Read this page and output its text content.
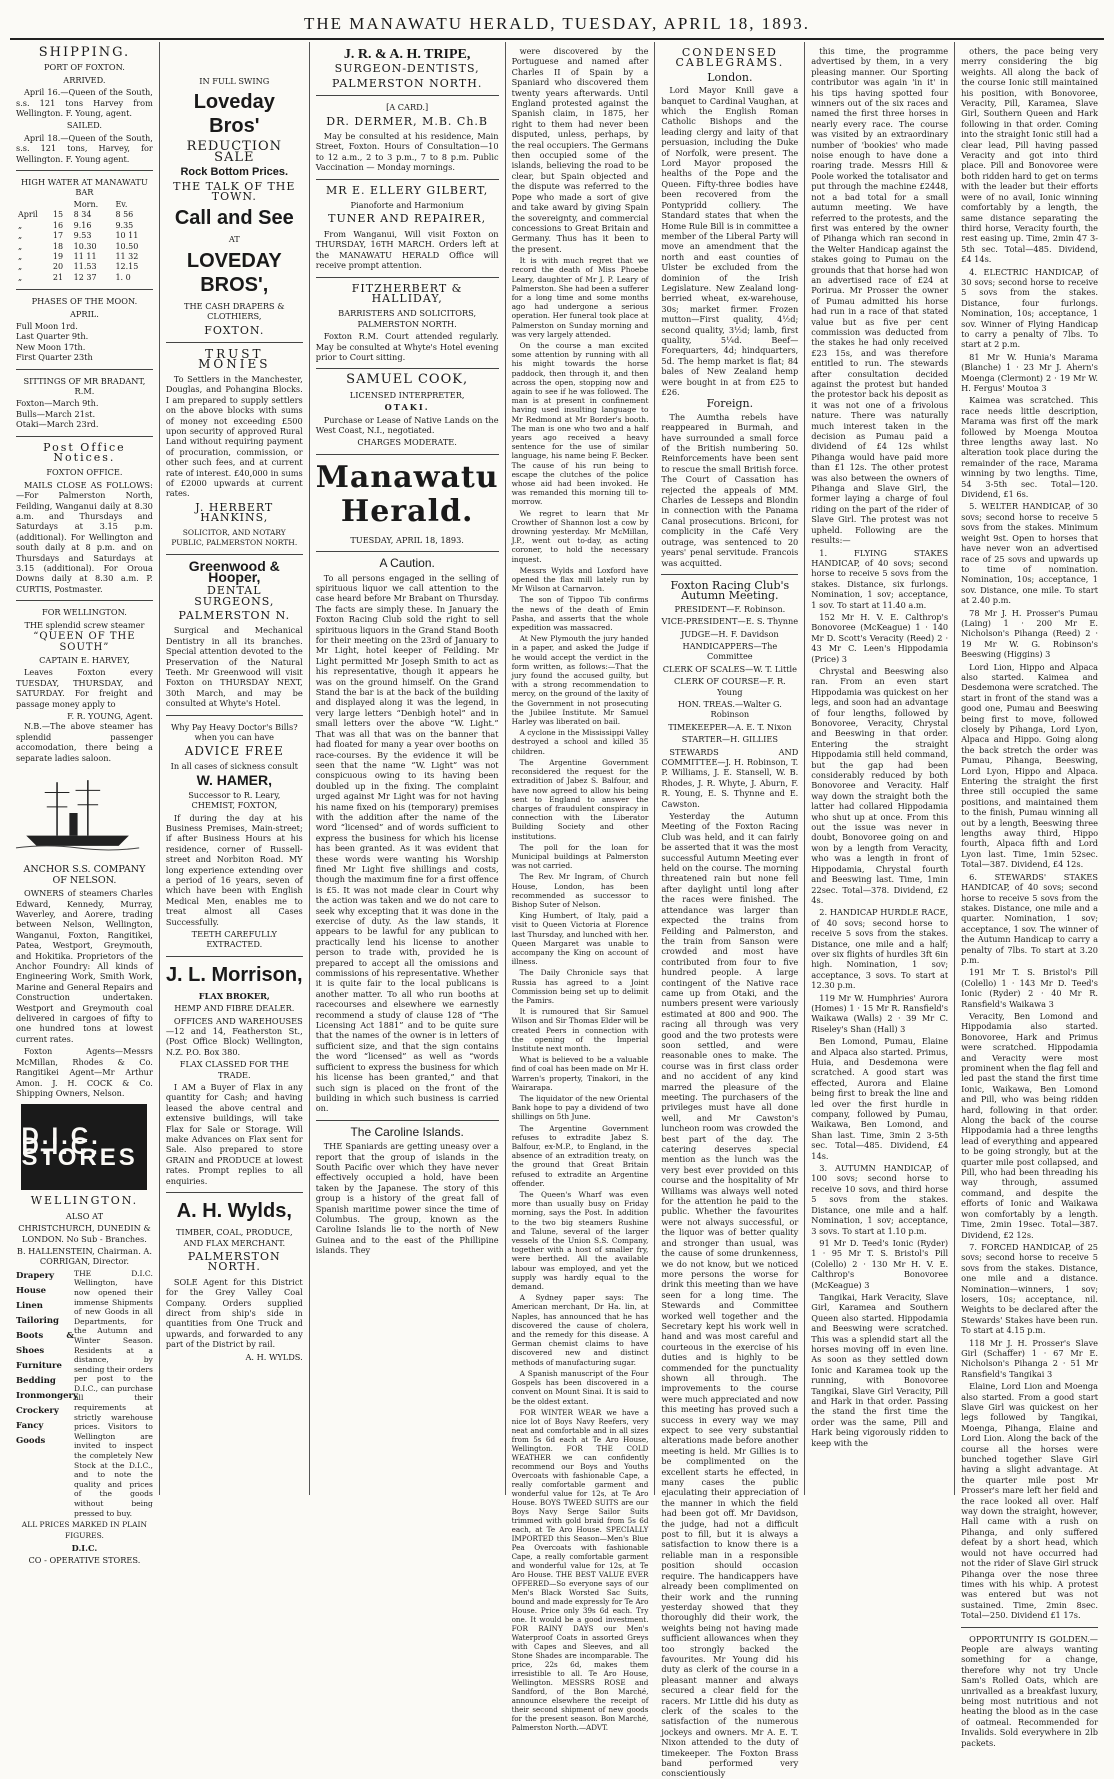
THE MANAWATU HERALD, TUESDAY, APRIL 18, 1893.
SHIPPING.
PORT OF FOXTON.
ARRIVED.

April 16.—Queen of the South, s.s. 121 tons Harvey from Wellington. F. Young, agent.

SAILED.

April 18.—Queen of the South, s.s. 121 tons, Harvey, for Wellington. F. Young agent.

HIGH WATER AT MANAWATU BAR
		Morn.	Ev.
April	15	8 34	8 56
„	16	9.16	9.35
„	17	9.53	10 11
„	18	10.30	10.50
„	19	11 11	11 32
„	20	11.53	12.15
„	21	12 37	1. 0
PHASES OF THE MOON.
APRIL.
Full Moon 1rd.
Last Quarter 9th.
New Moon 17th.
First Quarter 23th
SITTINGS OF MR BRADANT, R.M.
Foxton—March 9th.
Bulls—March 21st.
Otaki—March 23rd.
Post Office Notices.
FOXTON OFFICE.

MAILS CLOSE AS FOLLOWS:—For Palmerston North, Feilding, Wanganui daily at 8.30 a.m. and Thursdays and Saturdays at 3.15 p.m. (additional). For Wellington and south daily at 8 p.m. and on Thursdays and Saturdays at 3.15 (additional). For Oroua Downs daily at 8.30 a.m. P. CURTIS, Postmaster.

FOR WELLINGTON.
THE splendid screw steamer
“QUEEN OF THE SOUTH”
CAPTAIN E. HARVEY,

Leaves Foxton every TUESDAY, THURSDAY, and SATURDAY. For freight and passage money apply to

F. R. YOUNG, Agent.

N.B.—The above steamer has splendid passenger accomodation, there being a separate ladies saloon.

ANCHOR S.S. COMPANY OF NELSON.

OWNERS of steamers Charles Edward, Kennedy, Murray, Waverley, and Aorere, trading between Nelson, Wellington, Wanganui, Foxton, Rangitikei, Patea, Westport, Greymouth, and Hokitika. Proprietors of the Anchor Foundry: All kinds of Engineering Work, Smith Work, Marine and General Repairs and Construction undertaken. Westport and Greymouth coal delivered in cargoes of fifty to one hundred tons at lowest current rates.

Foxton Agents—Messrs McMillan, Rhodes & Co. Rangitikei Agent—Mr Arthur Amon. J. H. COCK & Co. Shipping Owners, Nelson.

D.I.C. D.I.C. STORES
WELLINGTON.
ALSO AT
CHRISTCHURCH, DUNEDIN & LONDON. No Sub - Branches.
B. HALLENSTEIN, Chairman. A. CORRIGAN, Director.
Drapery
House Linen
Tailoring
Boots & Shoes
Furniture
Bedding
Ironmongery
Crockery
Fancy Goods
THE D.I.C. Wellington, have now opened their immense Shipments of new Goods in all Departments, for the Autumn and Winter Season. Residents at a distance, by sending their orders per post to the D.I.C., can purchase all their requirements at strictly warehouse prices. Visitors to Wellington are invited to inspect the completely New Stock at the D.I.C., and to note the quality and prices of the goods without being pressed to buy.
ALL PRICES MARKED IN PLAIN FIGURES.
D.I.C.
CO - OPERATIVE STORES.
IN FULL SWING
Loveday Bros'
REDUCTION SALE
Rock Bottom Prices.
THE TALK OF THE TOWN.
Call and See
AT
LOVEDAY BROS',
THE CASH DRAPERS & CLOTHIERS,
FOXTON.
TRUST MONIES

To Settlers in the Manchester, Douglas, and Pohangina Blocks. I am prepared to supply settlers on the above blocks with sums of money not exceeding £500 upon security of approved Rural Land without requiring payment of procuration, commission, or other such fees, and at current rate of interest. £40,000 in sums of £2000 upwards at current rates.

J. HERBERT HANKINS,
SOLICITOR, AND NOTARY PUBLIC, PALMERSTON NORTH.
Greenwood & Hooper,
DENTAL SURGEONS,
PALMERSTON N.

Surgical and Mechanical Dentistry in all its branches. Special attention devoted to the Preservation of the Natural Teeth. Mr Greenwood will visit Foxton on THURSDAY NEXT, 30th March, and may be consulted at Whyte's Hotel.

Why Pay Heavy Doctor's Bills? when you can have
ADVICE FREE
In all cases of sickness consult
W. HAMER,
Successor to R. Leary, CHEMIST, FOXTON,

If during the day at his Business Premises, Main-street; if after Business Hours at his residence, corner of Russell-street and Norbiton Road. MY long experience extending over a period of 16 years, seven of which have been with English Medical Men, enables me to treat almost all Cases Successfully.

TEETH CAREFULLY EXTRACTED.
J. L. Morrison,
FLAX BROKER,
HEMP AND FIBRE DEALER.

OFFICES AND WAREHOUSES—12 and 14, Featherston St., (Post Office Block) Wellington, N.Z. P.O. Box 380.

FLAX CLASSED FOR THE TRADE.

I AM a Buyer of Flax in any quantity for Cash; and having leased the above central and extensive buildings, will take Flax for Sale or Storage. Will make Advances on Flax sent for Sale. Also prepared to store GRAIN and PRODUCE at lowest rates. Prompt replies to all enquiries.

A. H. Wylds,
TIMBER, COAL, PRODUCE, AND FLAX MERCHANT.
PALMERSTON NORTH.

SOLE Agent for this District for the Grey Valley Coal Company. Orders supplied direct from ship's side in quantities from One Truck and upwards, and forwarded to any part of the District by rail.

A. H. WYLDS.
J. R. & A. H. TRIPE,
SURGEON-DENTISTS,
PALMERSTON NORTH.
[A CARD.]
DR. DERMER, M.B. Ch.B

May be consulted at his residence, Main Street, Foxton. Hours of Consultation—10 to 12 a.m., 2 to 3 p.m., 7 to 8 p.m. Public Vaccination — Monday mornings.

MR E. ELLERY GILBERT,
Pianoforte and Harmonium
TUNER AND REPAIRER,

From Wanganui, Will visit Foxton on THURSDAY, 16TH MARCH. Orders left at the MANAWATU HERALD Office will receive prompt attention.

FITZHERBERT & HALLIDAY,
BARRISTERS AND SOLICITORS, PALMERSTON NORTH.

Foxton R.M. Court attended regularly. May be consulted at Whyte's Hotel evening prior to Court sitting.

SAMUEL COOK,
LICENSED INTERPRETER,
OTAKI.

Purchase or Lease of Native Lands on the West Coast, N.I., negotiated.

CHARGES MODERATE.
Manawatu Herald.
TUESDAY, APRIL 18, 1893.
A Caution.

To all persons engaged in the selling of spirituous liquor we call attention to the case heard before Mr Brabant on Thursday. The facts are simply these. In January the Foxton Racing Club sold the right to sell spirituous liquors in the Grand Stand Booth for their meeting on the 23rd of January to Mr Light, hotel keeper of Feilding. Mr Light permitted Mr Joseph Smith to act as his representative, though it appears he was on the ground himself. On the Grand Stand the bar is at the back of the building and displayed along it was the legend, in very large letters “Denbigh hotel” and in small letters over the above “W. Light.” That was all that was on the banner that had floated for many a year over booths on race-courses. By the evidence it will be seen that the name “W. Light” was not conspicuous owing to its having been doubled up in the fixing. The complaint urged against Mr Light was for not having his name fixed on his (temporary) premises with the addition after the name of the word “licensed” and of words sufficient to express the business for which his license has been granted. As it was evident that these words were wanting his Worship fined Mr Light five shillings and costs, though the maximum fine for a first offence is £5. It was not made clear in Court why the action was taken and we do not care to seek why excepting that it was done in the exercise of duty. As the law stands, it appears to be lawful for any publican to practically lend his license to another person to trade with, provided he is prepared to accept all the omissions and commissions of his representative. Whether it is quite fair to the local publicans is another matter. To all who run booths at racecourses and elsewhere we earnestly recommend a study of clause 128 of “The Licensing Act 1881” and to be quite sure that the names of the owner is in letters of sufficient size, and that the sign contains the word “licensed” as well as “words sufficient to express the business for which his license has been granted,” and that such sign is placed on the front of the building in which such business is carried on.

The Caroline Islands.

THE Spaniards are getting uneasy over a report that the group of islands in the South Pacific over which they have never effectively occupied a hold, have been taken by the Japanese. The story of this group is a history of the great fall of Spanish maritime power since the time of Columbus. The group, known as the Caroline Islands lie to the north of New Guinea and to the east of the Phillipine islands. They

were discovered by the Portuguese and named after Charles II of Spain by a Spaniard who discovered them twenty years afterwards. Until England protested against the Spanish claim, in 1875, her right to them had never been disputed, unless, perhaps, by the real occupiers. The Germans then occupied some of the islands, believing the road to be clear, but Spain objected and the dispute was referred to the Pope who made a sort of give and take award by giving Spain the sovereignty, and commercial concessions to Great Britain and Germany. Thus has it been to the present.

It is with much regret that we record the death of Miss Phoebe Leary, daughter of Mr J. P. Leary of Palmerston. She had been a sufferer for a long time and some months ago had undergone a serious operation. Her funeral took place at Palmerston on Sunday morning and was very largely attended.

On the course a man excited some attention by running with all his might towards the horse paddock, then through it, and then across the open, stopping now and again to see if he was followed. The man is at present in confinement having used insulting language to Mr Redmond at Mr Border's booth. The man is one who two and a half years ago received a heavy sentence for the use of similar language, his name being F. Becker. The cause of his run being to escape the clutches of the police whose aid had been invoked. He was remanded this morning till to-morrow.

We regret to learn that Mr Crowther of Shannon lost a cow by drowning yesterday. Mr McMillan, J.P., went out to-day, as acting coroner, to hold the necessary inquest.

Messrs Wylds and Loxford have opened the flax mill lately run by Mr Wilson at Carnarvon.

The son of Tippoo Tib confirms the news of the death of Emin Pasha, and asserts that the whole expedition was massacred.

At New Plymouth the jury handed in a paper, and asked the Judge if he would accept the verdict in the form written, as follows:—That the jury found the accused guilty, but with a strong recommendation to mercy, on the ground of the laxity of the Government in not prosecuting the Jubilee Institute. Mr Samuel Harley was liberated on bail.

A cyclone in the Mississippi Valley destroyed a school and killed 35 children.

The Argentine Government reconsidered the request for the extradition of Jabez S. Balfour, and have now agreed to allow his being sent to England to answer the charges of fraudulent conspiracy in connection with the Liberator Building Society and other institutions.

The poll for the loan for Municipal buildings at Palmerston was not carried.

The Rev. Mr Ingram, of Church House, London, has been recommended as successor to Bishop Suter of Nelson.

King Humbert, of Italy, paid a visit to Queen Victoria at Florence last Thursday, and lunched with her. Queen Margaret was unable to accompany the King on account of illness.

The Daily Chronicle says that Russia has agreed to a Joint Commission being set up to delimit the Pamirs.

It is rumoured that Sir Samuel Wilson and Sir Thomas Elder will be created Peers in connection with the opening of the Imperial Institute next month.

What is believed to be a valuable find of coal has been made on Mr H. Warren's property, Tinakori, in the Wairarapa.

The liquidator of the new Oriental Bank hope to pay a dividend of two shillings on 5th June.

The Argentine Government refuses to extradite Jabez S. Balfour, ex-M.P., to England, in the absence of an extradition treaty, on the ground that Great Britain refused to extradite an Argentine offender.

The Queen's Wharf was even more than usually busy on Friday morning, says the Post. In addition to the two big steamers Rushine and Talune, several of the larger vessels of the Union S.S. Company, together with a host of smaller fry, were berthed. All the available labour was employed, and yet the supply was hardly equal to the demand.

A Sydney paper says: The American merchant, Dr Ha. lin, at Naples, has announced that he has discovered the cause of cholera, and the remedy for this disease. A German chemist claims to have discovered new and distinct methods of manufacturing sugar.

A Spanish manuscript of the Four Gospels has been discovered in a convent on Mount Sinai. It is said to be the oldest extant.

FOR WINTER WEAR we have a nice lot of Boys Navy Reefers, very neat and comfortable and in all sizes from 5s 6d each at Te Aro House, Wellington. FOR THE COLD WEATHER we can confidently recommend our Boys and Youths Overcoats with fashionable Cape, a really comfortable garment and wonderful value for 12s, at Te Aro House. BOYS TWEED SUITS are our Boys Navy Serge Sailor Suits trimmed with gold braid from 5s 6d each, at Te Aro House. SPECIALLY IMPORTED this Season—Men's Blue Pea Overcoats with fashionable Cape, a really comfortable garment and wonderful value for 12s, at Te Aro House. THE BEST VALUE EVER OFFERED—So everyone says of our Men's Black Worsted Sac Suits, bound and made expressly for Te Aro House. Price only 39s 6d each. Try one. It would be a good investment. FOR RAINY DAYS our Men's Waterproof Coats in assorted Greys with Capes and Sleeves, and all Stone Shades are incomparable. The price, 22s 6d, makes them irresistible to all. Te Aro House, Wellington. MESSRS ROSE and Sandford, of the Bon Marché, announce elsewhere the receipt of their second shipment of new goods for the present season. Bon Marché, Palmerston North.—ADVT.

CONDENSED CABLEGRAMS.
London.

Lord Mayor Knill gave a banquet to Cardinal Vaughan, at which the English Roman Catholic Bishops and the leading clergy and laity of that persuasion, including the Duke of Norfolk, were present. The Lord Mayor proposed the healths of the Pope and the Queen. Fifty-three bodies have been recovered from the Pontypridd colliery. The Standard states that when the Home Rule Bill is in committee a member of the Liberal Party will move an amendment that the north and east counties of Ulster be excluded from the dominion of the Irish Legislature. New Zealand long-berried wheat, ex-warehouse, 30s; market firmer. Frozen mutton—First quality, 4½d; second quality, 3½d; lamb, first quality, 5¼d. Beef—Forequarters, 4d; hindquarters, 5d. The hemp market is flat; 84 bales of New Zealand hemp were bought in at from £25 to £26.

Foreign.

The Aumtha rebels have reappeared in Burmah, and have surrounded a small force of the British numbering 50. Reinforcements have been sent to rescue the small British force. The Court of Cassation has rejected the appeals of MM. Charles de Lesseps and Blondin in connection with the Panama Canal prosecutions. Briconi, for complicity in the Café Very outrage, was sentenced to 20 years' penal servitude. Francois was acquitted.

Foxton Racing Club's Autumn Meeting.
PRESIDENT—F. Robinson.
VICE-PRESIDENT—E. S. Thynne
JUDGE—H. F. Davidson
HANDICAPPERS—The Committee
CLERK OF SCALES—W. T. Little
CLERK OF COURSE—F. R. Young
HON. TREAS.—Walter G. Robinson
TIMEKEEPER—A. E. T. Nixon
STARTER—H. GILLIES

STEWARDS AND COMMITTEE—J. H. Robinson, T. P. Williams, J. E. Stansell, W. B. Rhodes, J. R. Whyte, J. Aburn, F. R. Young, E. S. Thynne and E. Cawston.

Yesterday the Autumn Meeting of the Foxton Racing Club was held, and it can fairly be asserted that it was the most successful Autumn Meeting ever held on the course. The morning threatened rain but none fell after daylight until long after the races were finished. The attendance was larger than expected the trains from Feilding and Palmerston, and the train from Sanson were crowded and most have contributed from four to five hundred people. A large contingent of the Native race came up from Otaki, and the numbers present were variously estimated at 800 and 900. The racing all through was very good and the two protests were soon settled, and were reasonable ones to make. The course was in first class order and no accident of any kind marred the pleasure of the meeting. The purchasers of the privileges must have all done well, and Mr Cawston's luncheon room was crowded the best part of the day. The catering deserves special mention as the lunch was the very best ever provided on this course and the hospitality of Mr Williams was always well noted for the attention he paid to the public. Whether the favourites were not always successful, or the liquor was of better quality and stronger than usual, was the cause of some drunkenness, we do not know, but we noticed more persons the worse for drink this meeting than we have seen for a long time. The Stewards and Committee worked well together and the Secretary kept his work well in hand and was most careful and courteous in the exercise of his duties and is highly to be commended for the punctuality shown all through. The improvements to the course were much appreciated and now this meeting has proved such a success in every way we may expect to see very substantial alterations made before another meeting is held. Mr Gillies is to be complimented on the excellent starts he effected, in many cases the public ejaculating their appreciation of the manner in which the field had been got off. Mr Davidson, the judge, had not a difficult post to fill, but it is always a satisfaction to know there is a reliable man in a responsible position should occasion require. The handicappers have already been complimented on their work and the running yesterday showed that they thoroughly did their work, the weights being not having made sufficient allowances when they too strongly backed the favourites. Mr Young did his duty as clerk of the course in a pleasant manner and always secured a clear field for the racers. Mr Little did his duty as clerk of the scales to the satisfaction of the numerous jockeys and owners. Mr A. E. T. Nixon attended to the duty of timekeeper. The Foxton Brass band performed very conscientiously

this time, the programme advertised by them, in a very pleasing manner. Our Sporting contributor was again 'in it' in his tips having spotted four winners out of the six races and named the first three horses in nearly every race. The course was visited by an extraordinary number of 'bookies' who made noise enough to have done a roaring trade. Messrs Hill & Poole worked the totalisator and put through the machine £2448, not a bad total for a small autumn meeting. We have referred to the protests, and the first was entered by the owner of Pihanga which ran second in the Welter Handicap against the stakes going to Pumau on the grounds that that horse had won an advertised race of £24 at Porirua. Mr Prosser the owner of Pumau admitted his horse had run in a race of that stated value but as five per cent commission was deducted from the stakes he had only received £23 15s, and was therefore entitled to run. The stewards after consultation decided against the protest but handed the protestor back his deposit as it was not one of a frivolous nature. There was naturally much interest taken in the decision as Pumau paid a dividend of £4 12s whilst Pihanga would have paid more than £1 12s. The other protest was also between the owners of Pihanga and Slave Girl, the former laying a charge of foul riding on the part of the rider of Slave Girl. The protest was not upheld. Following are the results:—

1. FLYING STAKES HANDICAP, of 40 sovs; second horse to receive 5 sovs from the stakes. Distance, six furlongs. Nomination, 1 sov; acceptance, 1 sov. To start at 11.40 a.m.

152 Mr H. V. E. Calthrop's Bonovoree (McKeague) 1 · 140 Mr D. Scott's Veracity (Reed) 2 · 43 Mr C. Leen's Hippodamia (Price) 3

Chrystal and Beeswing also ran. From an even start Hippodamia was quickest on her legs, and soon had an advantage of four lengths, followed by Bonovoree, Veracity, Chrystal and Beeswing in that order. Entering the straight Hippodamia still held command, but the gap had been considerably reduced by both Bonovoree and Veracity. Half way down the straight both the latter had collared Hippodamia who shut up at once. From this out the issue was never in doubt, Bonovoree going on and won by a length from Veracity, who was a length in front of Hippodamia, Chrystal fourth and Beeswing last. Time, 1min 22sec. Total—378. Dividend, £2 4s.

2. HANDICAP HURDLE RACE, of 40 sovs; second horse to receive 5 sovs from the stakes. Distance, one mile and a half; over six flights of hurdles 3ft 6in high. Nomination, 1 sov; acceptance, 3 sovs. To start at 12.30 p.m.

119 Mr W. Humphries' Aurora (Homes) 1 · 15 Mr R. Ransfield's Waikawa (Walls) 2 · 39 Mr C. Riseley's Shan (Hall) 3

Ben Lomond, Pumau, Elaine and Alpaca also started. Primus, Huia, and Desdemona were scratched. A good start was effected, Aurora and Elaine being first to break the line and led over the first hurdle in company, followed by Pumau, Waikawa, Ben Lomond, and Shan last. Time, 3min 2 3-5th sec. Total—485. Dividend, £4 14s.

3. AUTUMN HANDICAP, of 100 sovs; second horse to receive 10 sovs, and third horse 5 sovs from the stakes. Distance, one mile and a half. Nomination, 1 sov; acceptance, 3 sovs. To start at 1.10 p.m.

91 Mr D. Teed's Ionic (Ryder) 1 · 95 Mr T. S. Bristol's Pill (Colello) 2 · 130 Mr H. V. E. Calthrop's Bonovoree (McKeague) 3

Tangikai, Hark Veracity, Slave Girl, Karamea and Southern Queen also started. Hippodamia and Beeswing were scratched. This was a splendid start all the horses moving off in even line. As soon as they settled down Ionic and Karamea took up the running, with Bonovoree Tangikai, Slave Girl Veracity, Pill and Hark in that order. Passing the stand the first time the order was the same, Pill and Hark being vigorously ridden to keep with the

others, the pace being very merry considering the big weights. All along the back of the course Ionic still maintained his position, with Bonovoree, Veracity, Pill, Karamea, Slave Girl, Southern Queen and Hark following in that order. Coming into the straight Ionic still had a clear lead, Pill having passed Veracity and got into third place. Pill and Bonovoree were both ridden hard to get on terms with the leader but their efforts were of no avail, Ionic winning comfortably by a length, the same distance separating the third horse, Veracity fourth, the rest easing up. Time, 2min 47 3-5th sec. Total—485. Dividend, £4 14s.

4. ELECTRIC HANDICAP, of 30 sovs; second horse to receive 5 sovs from the stakes. Distance, four furlongs. Nomination, 10s; acceptance, 1 sov. Winner of Flying Handicap to carry a penalty of 7lbs. To start at 2 p.m.

81 Mr W. Hunia's Marama (Blanche) 1 · 23 Mr J. Ahern's Moenga (Clermont) 2 · 19 Mr W. H. Fergus' Moutoa 3

Kaimea was scratched. This race needs little description, Marama was first off the mark followed by Moenga Moutoa three lengths away last. No alteration took place during the remainder of the race, Marama winning by two lengths. Time, 54 3-5th sec. Total—120. Dividend, £1 6s.

5. WELTER HANDICAP, of 30 sovs; second horse to receive 5 sovs from the stakes. Minimum weight 9st. Open to horses that have never won an advertised race of 25 sovs and upwards up to time of nomination. Nomination, 10s; acceptance, 1 sov. Distance, one mile. To start at 2.40 p.m.

78 Mr J. H. Prosser's Pumau (Laing) 1 · 200 Mr E. Nicholson's Pihanga (Reed) 2 · 19 Mr W. G. Robinson's Beeswing (Higgins) 3

Lord Lion, Hippo and Alpaca also started. Kaimea and Desdemona were scratched. The start in front of the stand was a good one, Pumau and Beeswing being first to move, followed closely by Pihanga, Lord Lyon, Alpaca and Hippo. Going along the back stretch the order was Pumau, Pihanga, Beeswing, Lord Lyon, Hippo and Alpaca. Entering the straight the first three still occupied the same positions, and maintained them to the finish, Pumau winning all out by a length, Beeswing three lengths away third, Hippo fourth, Alpaca fifth and Lord Lyon last. Time, 1min 52sec. Total—387. Dividend, £4 12s.

6. STEWARDS' STAKES HANDICAP, of 40 sovs; second horse to receive 5 sovs from the stakes. Distance, one mile and a quarter. Nomination, 1 sov; acceptance, 1 sov. The winner of the Autumn Handicap to carry a penalty of 7lbs. To start at 3.20 p.m.

191 Mr T. S. Bristol's Pill (Colello) 1 · 143 Mr D. Teed's Ionic (Ryder) 2 · 40 Mr R. Ransfield's Waikawa 3

Veracity, Ben Lomond and Hippodamia also started. Bonovoree, Hark and Primus were scratched. Hippodamia and Veracity were most prominent when the flag fell and led past the stand the first time Ionic, Waikawa, Ben Lomond and Pill, who was being ridden hard, following in that order. Along the back of the course Hippodamia had a three lengths lead of everything and appeared to be going strongly, but at the quarter mile post collapsed, and Pill, who had been threading his way through, assumed command, and despite the efforts of Ionic and Waikawa won comfortably by a length. Time, 2min 19sec. Total—387. Dividend, £2 12s.

7. FORCED HANDICAP, of 25 sovs; second horse to receive 5 sovs from the stakes. Distance, one mile and a distance. Nomination—winners, 1 sov; losers, 10s; acceptance, nil. Weights to be declared after the Stewards' Stakes have been run. To start at 4.15 p.m.

118 Mr J. H. Prosser's Slave Girl (Schaffer) 1 · 67 Mr E. Nicholson's Pihanga 2 · 51 Mr Ransfield's Tangikai 3

Elaine, Lord Lion and Moenga also started. From a good start Slave Girl was quickest on her legs followed by Tangikai, Moenga, Pihanga, Elaine and Lord Lion. Along the back of the course all the horses were bunched together Slave Girl having a slight advantage. At the quarter mile post Mr Prosser's mare left her field and the race looked all over. Half way down the straight, however, Hall came with a rush on Pihanga, and only suffered defeat by a short head, which would not have occurred had not the rider of Slave Girl struck Pihanga over the nose three times with his whip. A protest was entered but was not sustained. Time, 2min 8sec. Total—250. Dividend £1 17s.

OPPORTUNITY IS GOLDEN.—People are always wanting something for a change, therefore why not try Uncle Sam's Rolled Oats, which are unrivalled as a breakfast luxury, being most nutritious and not heating the blood as in the case of oatmeal. Recommended for Invalids. Sold everywhere in 2lb packets.
